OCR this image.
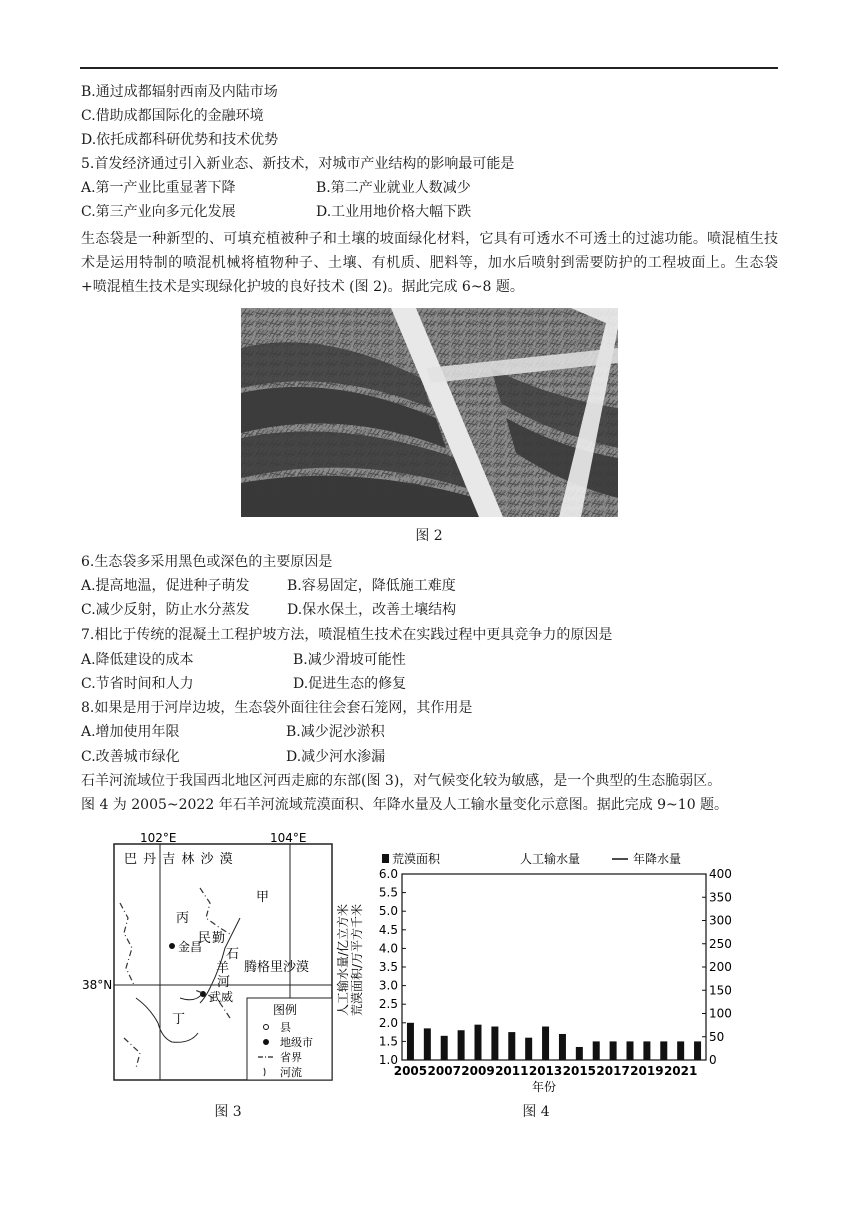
B.通过成都辐射西南及内陆市场
C.借助成都国际化的金融环境
D.依托成都科研优势和技术优势
5.首发经济通过引入新业态、新技术，对城市产业结构的影响最可能是
A.第一产业比重显著下降	B.第二产业就业人数减少
C.第三产业向多元化发展	D.工业用地价格大幅下跌
生态袋是一种新型的、可填充植被种子和土壤的坡面绿化材料，它具有可透水不可透土的过滤功能。喷混植生技术是运用特制的喷混机械将植物种子、土壤、有机质、肥料等，加水后喷射到需要防护的工程坡面上。生态袋+喷混植生技术是实现绿化护坡的良好技术 (图 2)。据此完成 6~8 题。
图 2
6.生态袋多采用黑色或深色的主要原因是
A.提高地温，促进种子萌发	B.容易固定，降低施工难度
C.减少反射，防止水分蒸发	D.保水保土，改善土壤结构
7.相比于传统的混凝土工程护坡方法，喷混植生技术在实践过程中更具竞争力的原因是
A.降低建设的成本	B.减少滑坡可能性
C.节省时间和人力	D.促进生态的修复
8.如果是用于河岸边坡，生态袋外面往往会套石笼网，其作用是
A.增加使用年限	B.减少泥沙淤积
C.改善城市绿化	D.减少河水渗漏
石羊河流域位于我国西北地区河西走廊的东部(图 3)，对气候变化较为敏感，是一个典型的生态脆弱区。
图 4 为 2005~2022 年石羊河流域荒漠面积、年降水量及人工输水量变化示意图。据此完成 9~10 题。
102°E	104°E
38°N
巴 丹 吉 林 沙 漠
甲
丙
民 勤
石
羊
河
腾格里沙漠
金昌
武威
丁
图例
县
地级市
省界
河流
图 3
荒漠面积	人工输水量	年降水量
人工输水量/亿立方米 荒漠面积/万平方千米
年份
1.0
1.5
2.0
2.5
3.0
3.5
4.0
4.5
5.0
5.5
6.0
0
50
100
150
200
250
300
350
400
2005 2007 2009 2011 2013 2015 2017 2019 2021
图 4
